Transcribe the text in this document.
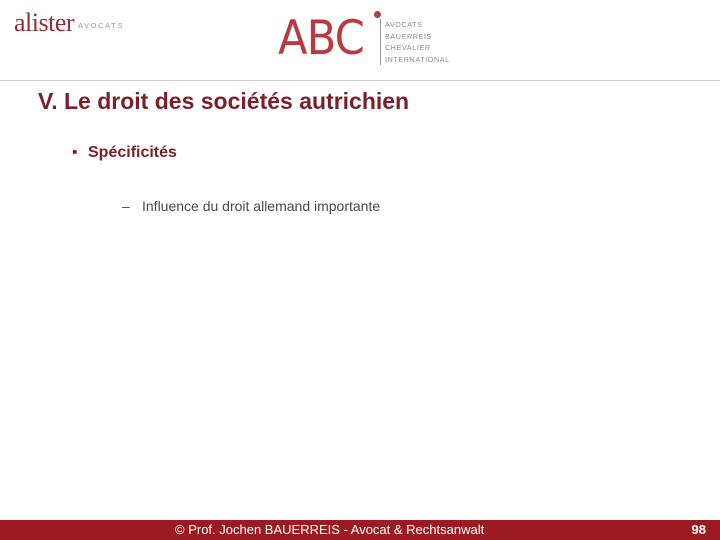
alister AVOCATS	ABC	AVOCATS
BAUERREIS
CHEVALIER
INTERNATIONAL
V. Le droit des sociétés autrichien
• Spécificités
– Influence du droit allemand importante
© Prof. Jochen BAUERREIS - Avocat & Rechtsanwalt	98
